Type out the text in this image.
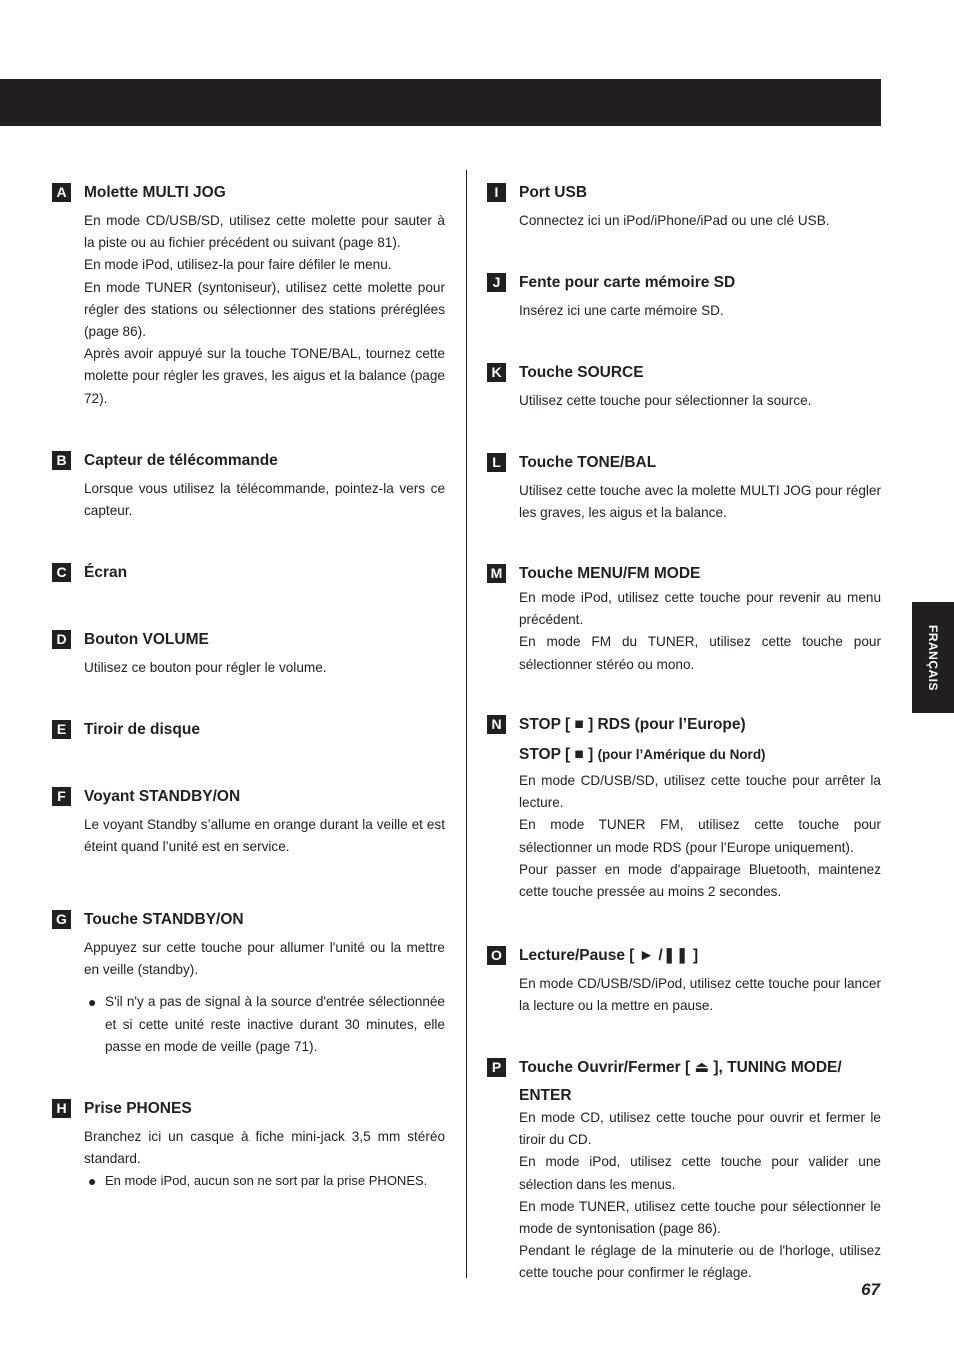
FRANÇAIS
67
A Molette MULTI JOG

En mode CD/USB/SD, utilisez cette molette pour sauter à la piste ou au fichier précédent ou suivant (page 81).

En mode iPod, utilisez-la pour faire défiler le menu.

En mode TUNER (syntoniseur), utilisez cette molette pour régler des stations ou sélectionner des stations préréglées (page 86).

Après avoir appuyé sur la touche TONE/BAL, tournez cette molette pour régler les graves, les aigus et la balance (page 72).

B Capteur de télécommande

Lorsque vous utilisez la télécommande, pointez-la vers ce capteur.

C Écran
D Bouton VOLUME

Utilisez ce bouton pour régler le volume.

E	Tiroir de disque
F	Voyant STANDBY/ON

Le voyant Standby s’allume en orange durant la veille et est éteint quand l’unité est en service.

G Touche STANDBY/ON

Appuyez sur cette touche pour allumer l'unité ou la mettre en veille (standby).

● S'il n'y a pas de signal à la source d'entrée sélectionnée et si cette unité reste inactive durant 30 minutes, elle passe en mode de veille (page 71).
H Prise PHONES

Branchez ici un casque à fiche mini-jack 3,5 mm stéréo standard.

● En mode iPod, aucun son ne sort par la prise PHONES.
I	Port USB

Connectez ici un iPod/iPhone/iPad ou une clé USB.

J	Fente pour carte mémoire SD

Insérez ici une carte mémoire SD.

K Touche SOURCE

Utilisez cette touche pour sélectionner la source.

L	Touche TONE/BAL

Utilisez cette touche avec la molette MULTI JOG pour régler les graves, les aigus et la balance.

M Touche MENU/FM MODE

En mode iPod, utilisez cette touche pour revenir au menu précédent.

En mode FM du TUNER, utilisez cette touche pour sélectionner stéréo ou mono.

N STOP [ ■ ] RDS (pour l’Europe)
STOP [ ■ ] (pour l’Amérique du Nord)

En mode CD/USB/SD, utilisez cette touche pour arrêter la lecture.

En mode TUNER FM, utilisez cette touche pour sélectionner un mode RDS (pour l’Europe uniquement).

Pour passer en mode d'appairage Bluetooth, maintenez cette touche pressée au moins 2 secondes.

O Lecture/Pause [ ► /❚❚ ]

En mode CD/USB/SD/iPod, utilisez cette touche pour lancer la lecture ou la mettre en pause.

P	Touche Ouvrir/Fermer [ ⏏ ], TUNING MODE/
ENTER

En mode CD, utilisez cette touche pour ouvrir et fermer le tiroir du CD.

En mode iPod, utilisez cette touche pour valider une sélection dans les menus.

En mode TUNER, utilisez cette touche pour sélectionner le mode de syntonisation (page 86).

Pendant le réglage de la minuterie ou de l'horloge, utilisez cette touche pour confirmer le réglage.
